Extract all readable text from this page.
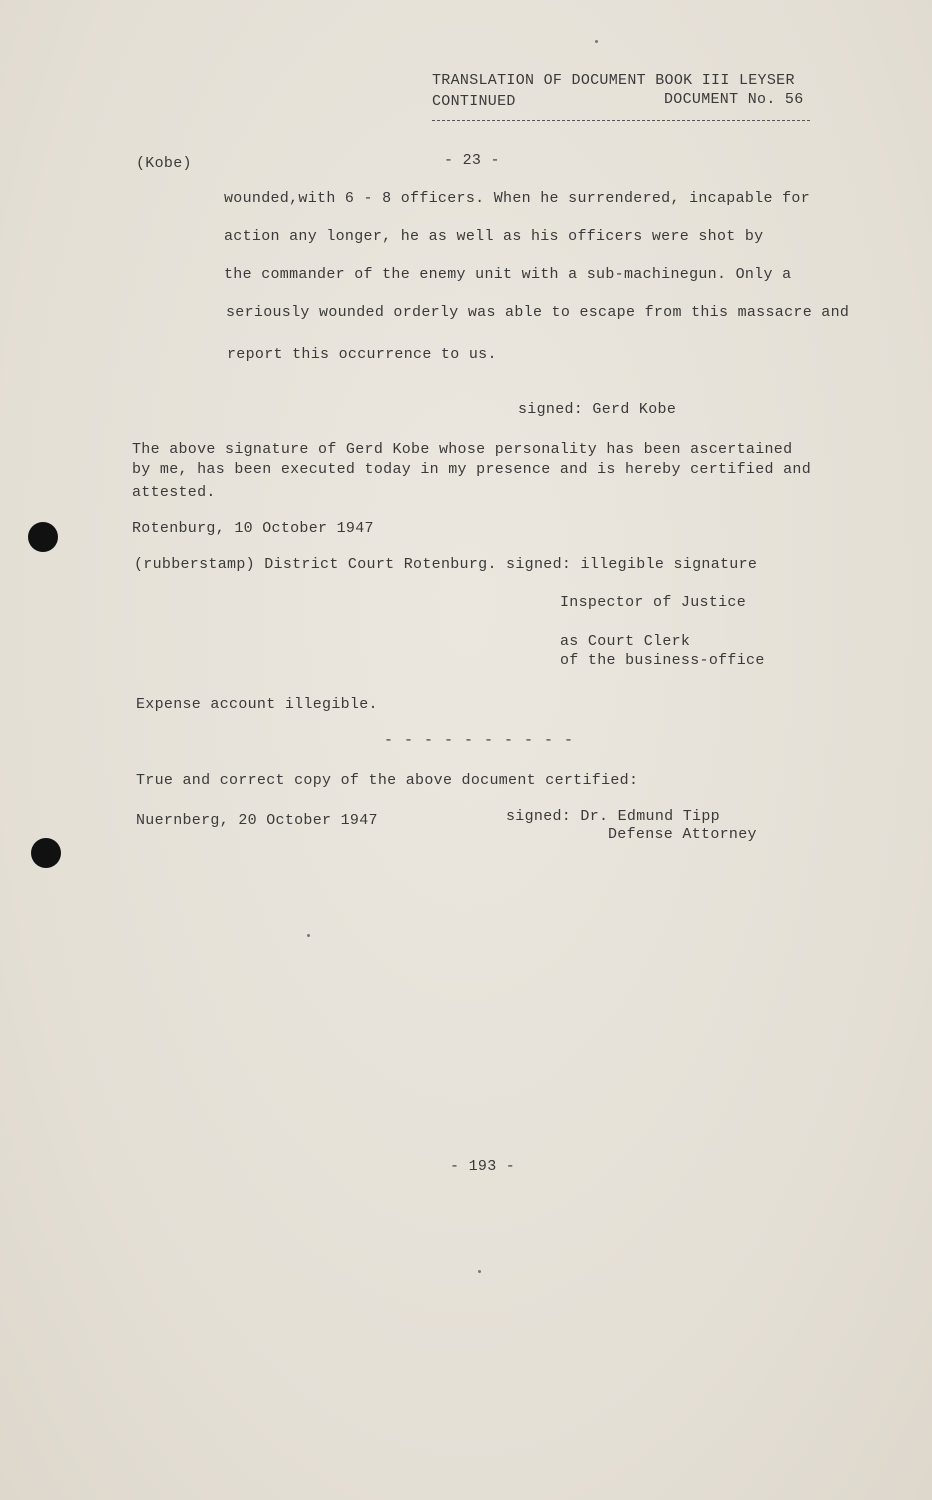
TRANSLATION OF DOCUMENT BOOK III LEYSER
CONTINUED	DOCUMENT No. 56
(Kobe)	- 23 -
wounded,with 6 - 8 officers. When he surrendered, incapable for
action any longer, he as well as his officers were shot by
the commander of the enemy unit with a sub-machinegun. Only a
seriously wounded orderly was able to escape from this massacre and
report this occurrence to us.
signed: Gerd Kobe
The above signature of Gerd Kobe whose personality has been ascertained
by me, has been executed today in my presence and is hereby certified and
attested.
Rotenburg, 10 October 1947
(rubberstamp) District Court Rotenburg. signed: illegible signature
Inspector of Justice
as Court Clerk
of the business-office
Expense account illegible.
- - - - - - - - - -
True and correct copy of the above document certified:
Nuernberg, 20 October 1947	signed: Dr. Edmund Tipp
Defense Attorney
- 193 -
